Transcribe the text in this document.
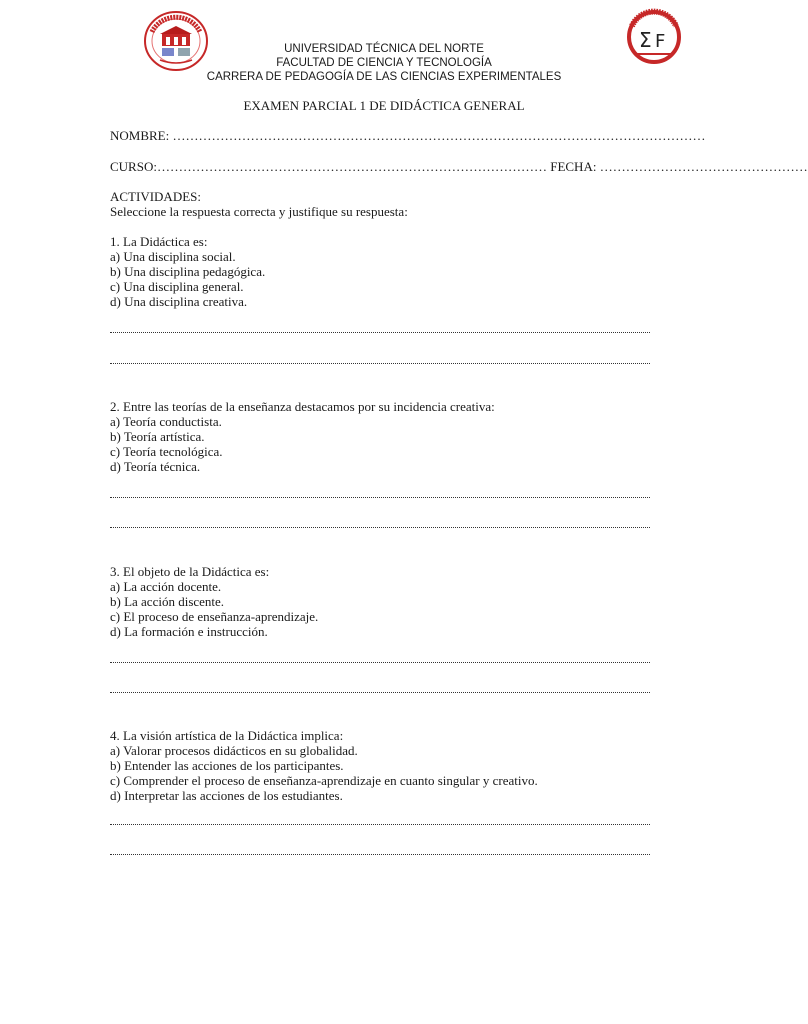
Σ F
UNIVERSIDAD TÉCNICA DEL NORTE
FACULTAD DE CIENCIA Y TECNOLOGÍA
CARRERA DE PEDAGOGÍA DE LAS CIENCIAS EXPERIMENTALES
EXAMEN PARCIAL 1 DE DIDÁCTICA GENERAL
NOMBRE: ……………………………………………………………………………………………………………
CURSO:……………………………………………………………………………… FECHA: …………………………………………
ACTIVIDADES:
Seleccione la respuesta correcta y justifique su respuesta:
1. La Didáctica es:
a) Una disciplina social.
b) Una disciplina pedagógica.
c) Una disciplina general.
d) Una disciplina creativa.
2. Entre las teorías de la enseñanza destacamos por su incidencia creativa:
a) Teoría conductista.
b) Teoría artística.
c) Teoría tecnológica.
d) Teoría técnica.
3. El objeto de la Didáctica es:
a) La acción docente.
b) La acción discente.
c) El proceso de enseñanza-aprendizaje.
d) La formación e instrucción.
4. La visión artística de la Didáctica implica:
a) Valorar procesos didácticos en su globalidad.
b) Entender las acciones de los participantes.
c) Comprender el proceso de enseñanza-aprendizaje en cuanto singular y creativo.
d) Interpretar las acciones de los estudiantes.
